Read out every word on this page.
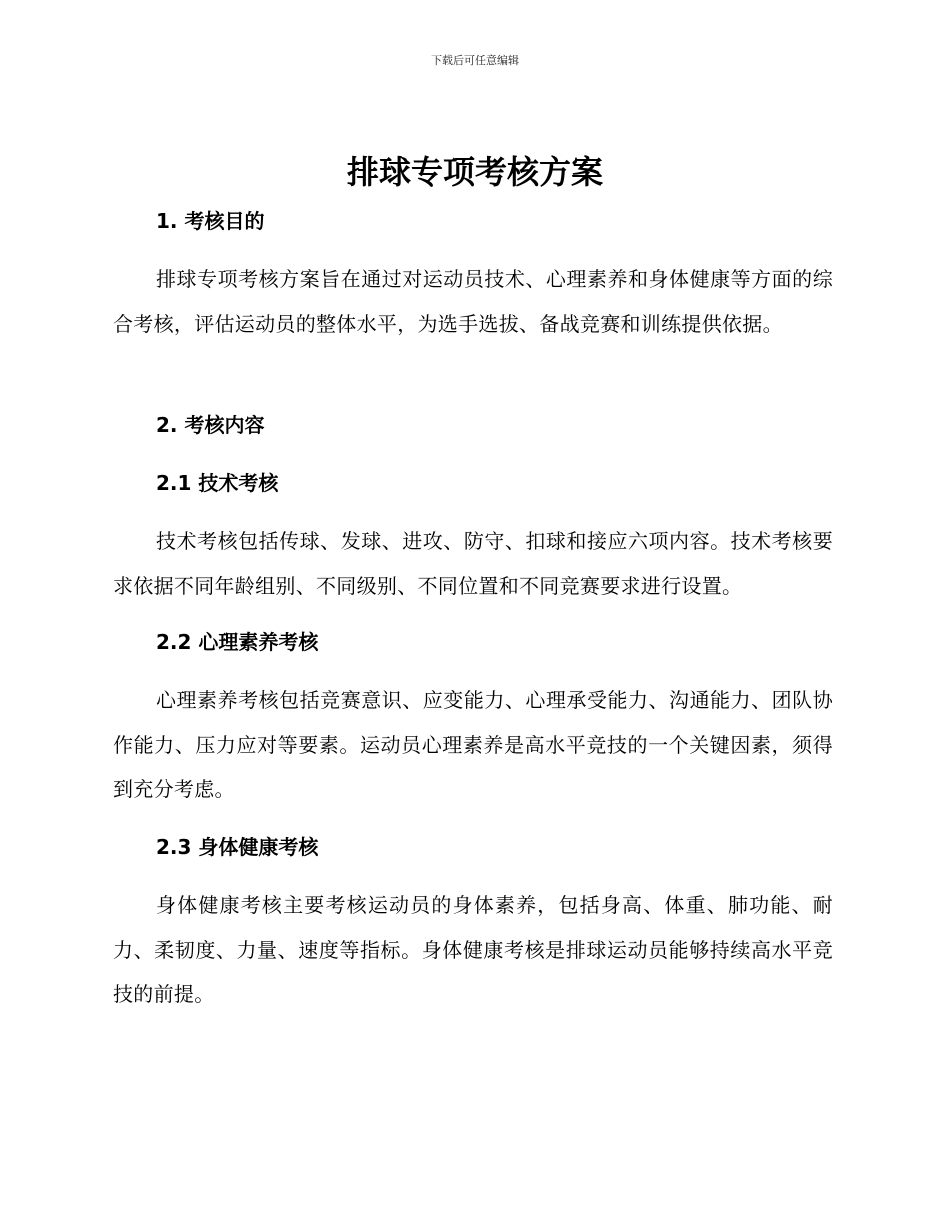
下载后可任意编辑
排球专项考核方案
1. 考核目的

排球专项考核方案旨在通过对运动员技术、心理素养和身体健康等方面的综合考核，评估运动员的整体水平，为选手选拔、备战竞赛和训练提供依据。

2. 考核内容
2.1 技术考核

技术考核包括传球、发球、进攻、防守、扣球和接应六项内容。技术考核要求依据不同年龄组别、不同级别、不同位置和不同竞赛要求进行设置。

2.2 心理素养考核

心理素养考核包括竞赛意识、应变能力、心理承受能力、沟通能力、团队协作能力、压力应对等要素。运动员心理素养是高水平竞技的一个关键因素，须得到充分考虑。

2.3 身体健康考核

身体健康考核主要考核运动员的身体素养，包括身高、体重、肺功能、耐力、柔韧度、力量、速度等指标。身体健康考核是排球运动员能够持续高水平竞技的前提。
